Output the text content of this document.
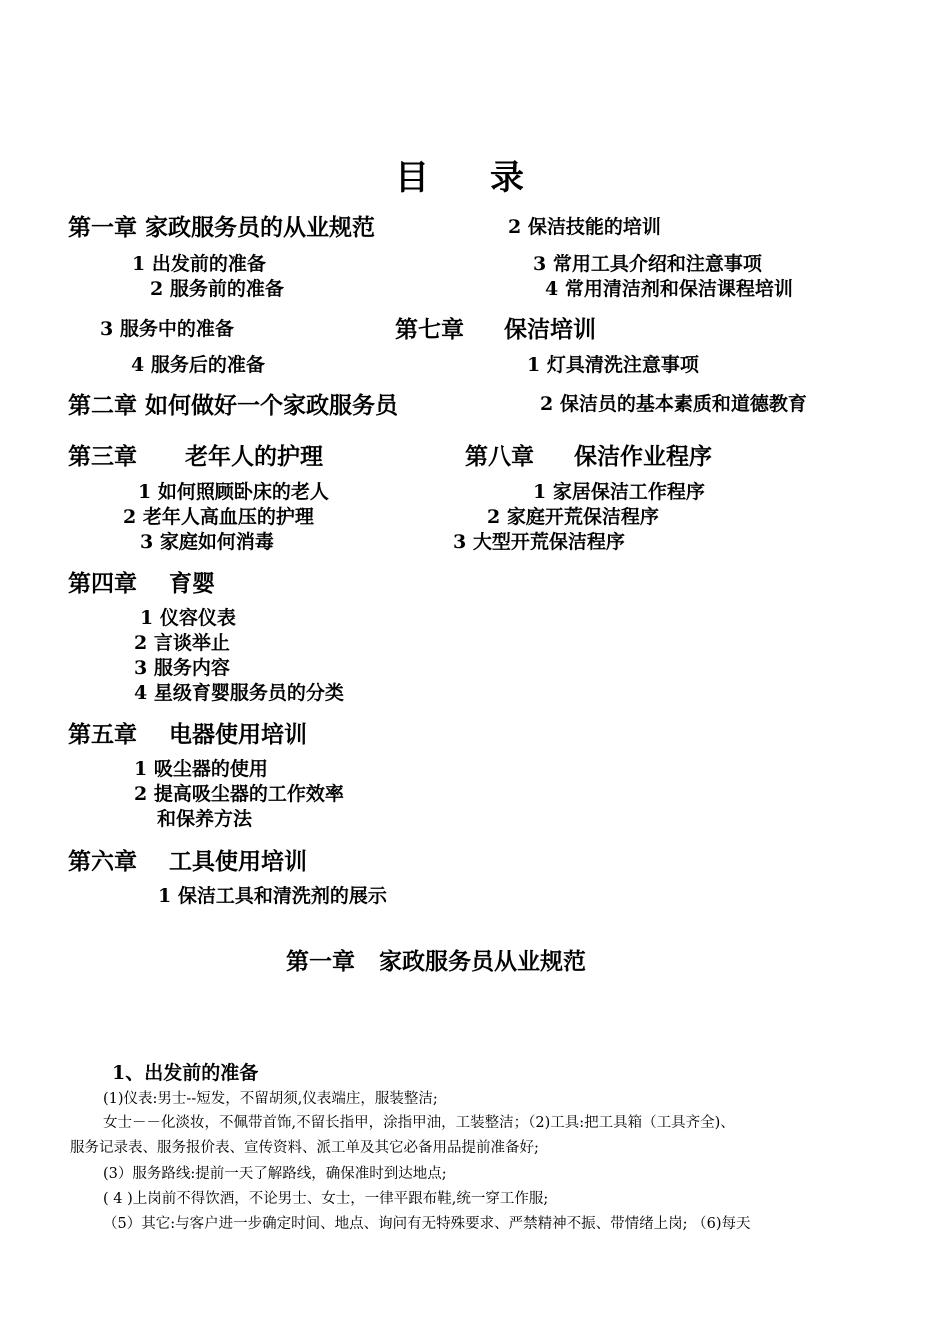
目 录
第一章 家政服务员的从业规范
1 出发前的准备
2 服务前的准备
3 服务中的准备
4 服务后的准备
第二章 如何做好一个家政服务员
第三章      老年人的护理
1 如何照顾卧床的老人
2 老年人高血压的护理
3 家庭如何消毒
第四章    育婴
1 仪容仪表
2 言谈举止
3 服务内容
4 星级育婴服务员的分类
第五章    电器使用培训
1 吸尘器的使用
2 提高吸尘器的工作效率
和保养方法
第六章    工具使用培训
1 保洁工具和清洗剂的展示
2 保洁技能的培训
3 常用工具介绍和注意事项
4 常用清洁剂和保洁课程培训
第七章     保洁培训
1 灯具清洗注意事项
2 保洁员的基本素质和道德教育
第八章     保洁作业程序
1 家居保洁工作程序
2 家庭开荒保洁程序
3 大型开荒保洁程序
第一章   家政服务员从业规范
1、出发前的准备
(1)仪表:男士--短发，不留胡须,仪表端庄，服装整洁;
女士－－化淡妆，不佩带首饰,不留长指甲，涂指甲油，工装整洁；（2)工具:把工具箱（工具齐全)、
服务记录表、服务报价表、宣传资料、派工单及其它必备用品提前准备好;
(3）服务路线:提前一天了解路线，确保准时到达地点;
( 4 )上岗前不得饮酒，不论男士、女士，一律平跟布鞋,统一穿工作服;
（5）其它:与客户进一步确定时间、地点、询问有无特殊要求、严禁精神不振、带情绪上岗; （6)每天
